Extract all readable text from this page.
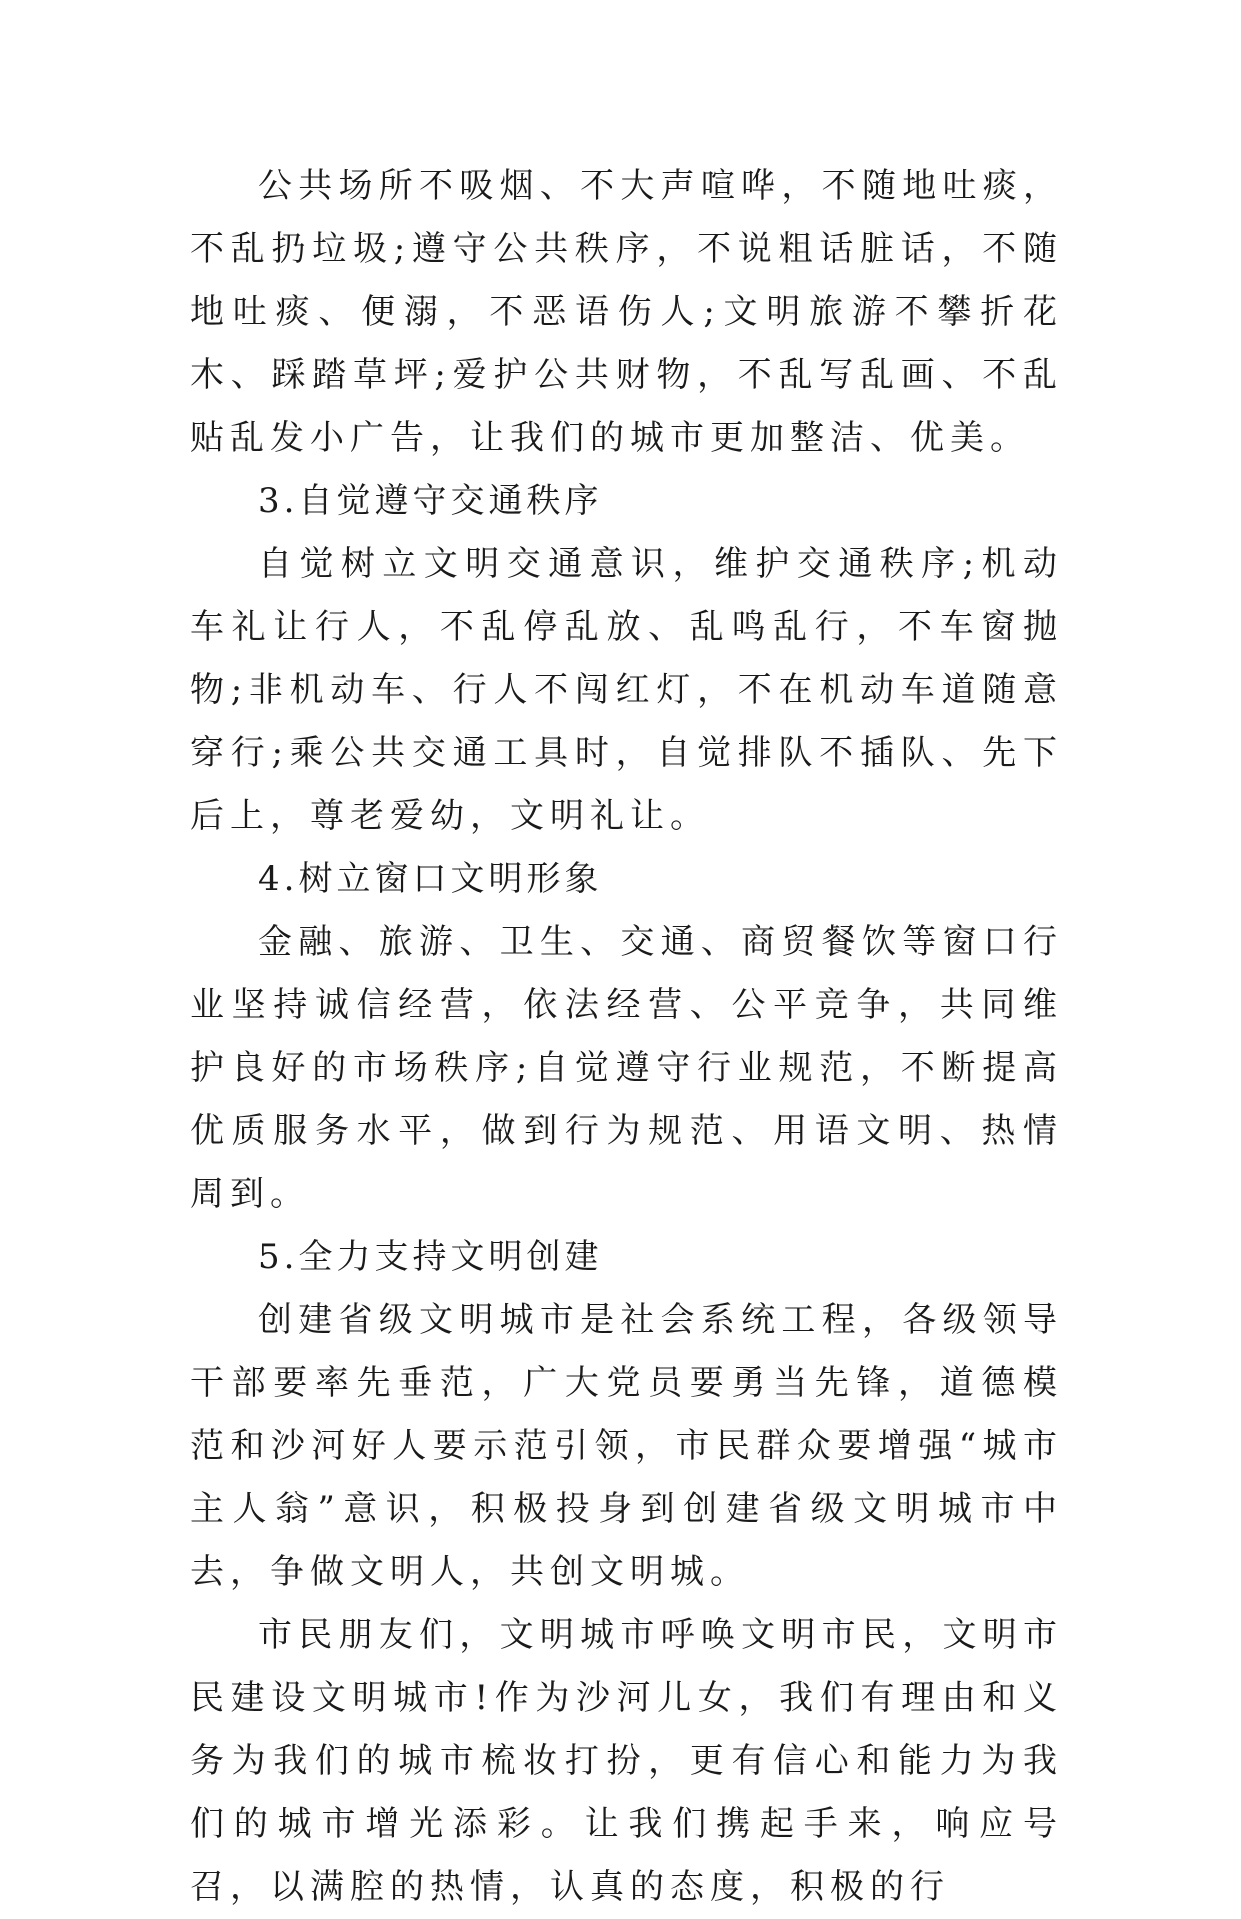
公共场所不吸烟、不大声喧哗，不随地吐痰，不乱扔垃圾;遵守公共秩序，不说粗话脏话，不随地吐痰、便溺，不恶语伤人;文明旅游不攀折花木、踩踏草坪;爱护公共财物，不乱写乱画、不乱贴乱发小广告，让我们的城市更加整洁、优美。

3.自觉遵守交通秩序

自觉树立文明交通意识，维护交通秩序;机动车礼让行人，不乱停乱放、乱鸣乱行，不车窗抛物;非机动车、行人不闯红灯，不在机动车道随意穿行;乘公共交通工具时，自觉排队不插队、先下后上，尊老爱幼，文明礼让。

4.树立窗口文明形象

金融、旅游、卫生、交通、商贸餐饮等窗口行业坚持诚信经营，依法经营、公平竞争，共同维护良好的市场秩序;自觉遵守行业规范，不断提高优质服务水平，做到行为规范、用语文明、热情周到。

5.全力支持文明创建

创建省级文明城市是社会系统工程，各级领导干部要率先垂范，广大党员要勇当先锋，道德模范和沙河好人要示范引领，市民群众要增强“城市主人翁”意识，积极投身到创建省级文明城市中去，争做文明人，共创文明城。

市民朋友们，文明城市呼唤文明市民，文明市民建设文明城市!作为沙河儿女，我们有理由和义务为我们的城市梳妆打扮，更有信心和能力为我们的城市增光添彩。让我们携起手来，响应号召，以满腔的热情，认真的态度，积极的行
